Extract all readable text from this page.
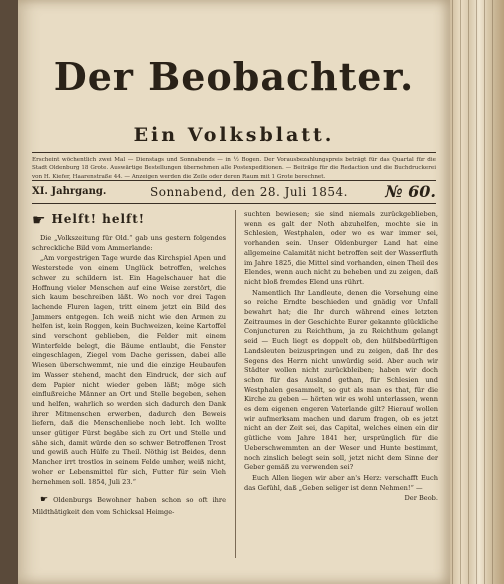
Der Beobachter.
Ein Volksblatt.
Erscheint wöchentlich zwei Mal — Dienstags und Sonnabends — in ½ Bogen. Der Vorausbezahlungspreis beträgt für das Quartal für die Stadt Oldenburg 18 Grote. Auswärtige Bestellungen übernehmen alle Postexpeditionen. — Beiträge für die Redaction und die Buchdruckerei von H. Kiefer, Haarenstraße 44. — Anzeigen werden die Zeile oder deren Raum mit 1 Grote berechnet.
XI. Jahrgang.	Sonnabend, den 28. Juli 1854. № 60.
☛ Helft! helft!

Die „Volkszeitung für Old.“ gab uns gestern folgendes schreckliche Bild vom Ammerlande:

„Am vorgestrigen Tage wurde das Kirchspiel Apen und Westerstede von einem Unglück betroffen, welches schwer zu schildern ist. Ein Hagelschauer hat die Hoffnung vieler Menschen auf eine Weise zerstört, die sich kaum beschreiben läßt. Wo noch vor drei Tagen lachende Fluren lagen, tritt einem jetzt ein Bild des Jammers entgegen. Ich weiß nicht wie den Armen zu helfen ist, kein Roggen, kein Buchweizen, keine Kartoffel sind verschont geblieben, die Felder mit einem Winterfelde belegt, die Bäume entlaubt, die Fenster eingeschlagen, Ziegel vom Dache gerissen, dabei alle Wiesen überschwemmt, nie und die einzige Heubaufen im Wasser stehend, macht den Eindruck, der sich auf dem Papier nicht wieder geben läßt; möge sich einflußreiche Männer an Ort und Stelle begeben, sehen und helfen, wahrlich so werden sich dadurch den Dank ihrer Mitmenschen erwerben, dadurch den Beweis liefern, daß die Menschenliebe noch lebt. Ich wollte unser gütiger Fürst begäbe sich zu Ort und Stelle und sähe sich, damit würde den so schwer Betroffenen Trost und gewiß auch Hülfe zu Theil. Nöthig ist Beides, denn Mancher irrt trostlos in seinem Felde umher, weiß nicht, woher er Lebensmittel für sich, Futter für sein Vieh hernehmen soll. 1854, Juli 23.“

☛ Oldenburgs Bewohner haben schon so oft ihre Mildthätigkeit den vom Schicksal Heimge-

suchten bewiesen; sie sind niemals zurückgeblieben, wenn es galt der Noth abzuhelfen, mochte sie in Schlesien, Westphalen, oder wo es war immer sei, vorhanden sein. Unser Oldenburger Land hat eine allgemeine Calamität nicht betroffen seit der Wasserfluth im Jahre 1825, die Mittel sind vorhanden, einen Theil des Elendes, wenn auch nicht zu beheben und zu zeigen, daß nicht bloß fremdes Elend uns rührt.

Namentlich Ihr Landleute, denen die Vorsehung eine so reiche Erndte beschieden und gnädig vor Unfall bewahrt hat; die Ihr durch während eines letzten Zeitraumes in der Geschichte Eurer gekannte glückliche Conjuncturen zu Reichthum, ja zu Reichthum gelangt seid — Euch liegt es doppelt ob, den hülfsbedürftigen Landsleuten beizuspringen und zu zeigen, daß Ihr des Segens des Herrn nicht unwürdig seid. Aber auch wir Städter wollen nicht zurückbleiben; haben wir doch schon für das Ausland gethan, für Schlesien und Westphalen gesammelt, so gut als man es that, für die Kirche zu geben — hörten wir es wohl unterlassen, wenn es dem eigenen engeren Vaterlande gilt? Hierauf wollen wir aufmerksam machen und darum fragen, ob es jetzt nicht an der Zeit sei, das Capital, welches einen ein dir gütliche vom Jahre 1841 her, ursprünglich für die Ueberschwemmten an der Weser und Hunte bestimmt, noch zinslich belegt sein soll, jetzt nicht dem Sinne der Geber gemäß zu verwenden sei?

Euch Allen liegen wir aber an's Herz: verschafft Euch das Gefühl, daß „Geben seliger ist denn Nehmen!“ —

Der Beob.
